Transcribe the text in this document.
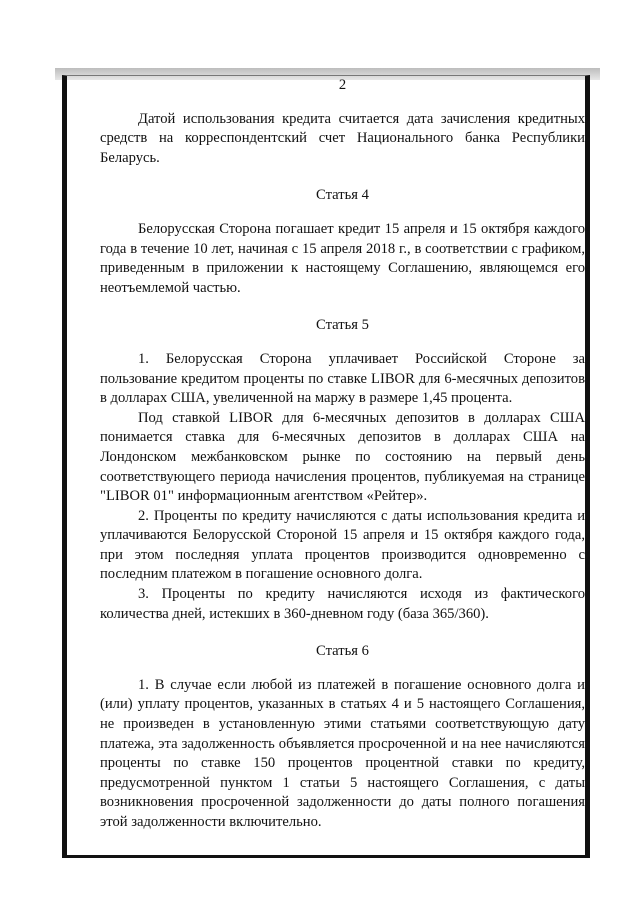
2

Датой использования кредита считается дата зачисления кредитных средств на корреспондентский счет Национального банка Республики Беларусь.

Статья 4

Белорусская Сторона погашает кредит 15 апреля и 15 октября каждого года в течение 10 лет, начиная с 15 апреля 2018 г., в соответствии с графиком, приведенным в приложении к настоящему Соглашению, являющемся его неотъемлемой частью.

Статья 5

1. Белорусская Сторона уплачивает Российской Стороне за пользование кредитом проценты по ставке LIBOR для 6-месячных депозитов в долларах США, увеличенной на маржу в размере 1,45 процента.

Под ставкой LIBOR для 6-месячных депозитов в долларах США понимается ставка для 6-месячных депозитов в долларах США на Лондонском межбанковском рынке по состоянию на первый день соответствующего периода начисления процентов, публикуемая на странице "LIBOR 01" информационным агентством «Рейтер».

2. Проценты по кредиту начисляются с даты использования кредита и уплачиваются Белорусской Стороной 15 апреля и 15 октября каждого года, при этом последняя уплата процентов производится одновременно с последним платежом в погашение основного долга.

3. Проценты по кредиту начисляются исходя из фактического количества дней, истекших в 360-дневном году (база 365/360).

Статья 6

1. В случае если любой из платежей в погашение основного долга и (или) уплату процентов, указанных в статьях 4 и 5 настоящего Соглашения, не произведен в установленную этими статьями соответствующую дату платежа, эта задолженность объявляется просроченной и на нее начисляются проценты по ставке 150 процентов процентной ставки по кредиту, предусмотренной пунктом 1 статьи 5 настоящего Соглашения, с даты возникновения просроченной задолженности до даты полного погашения этой задолженности включительно.
